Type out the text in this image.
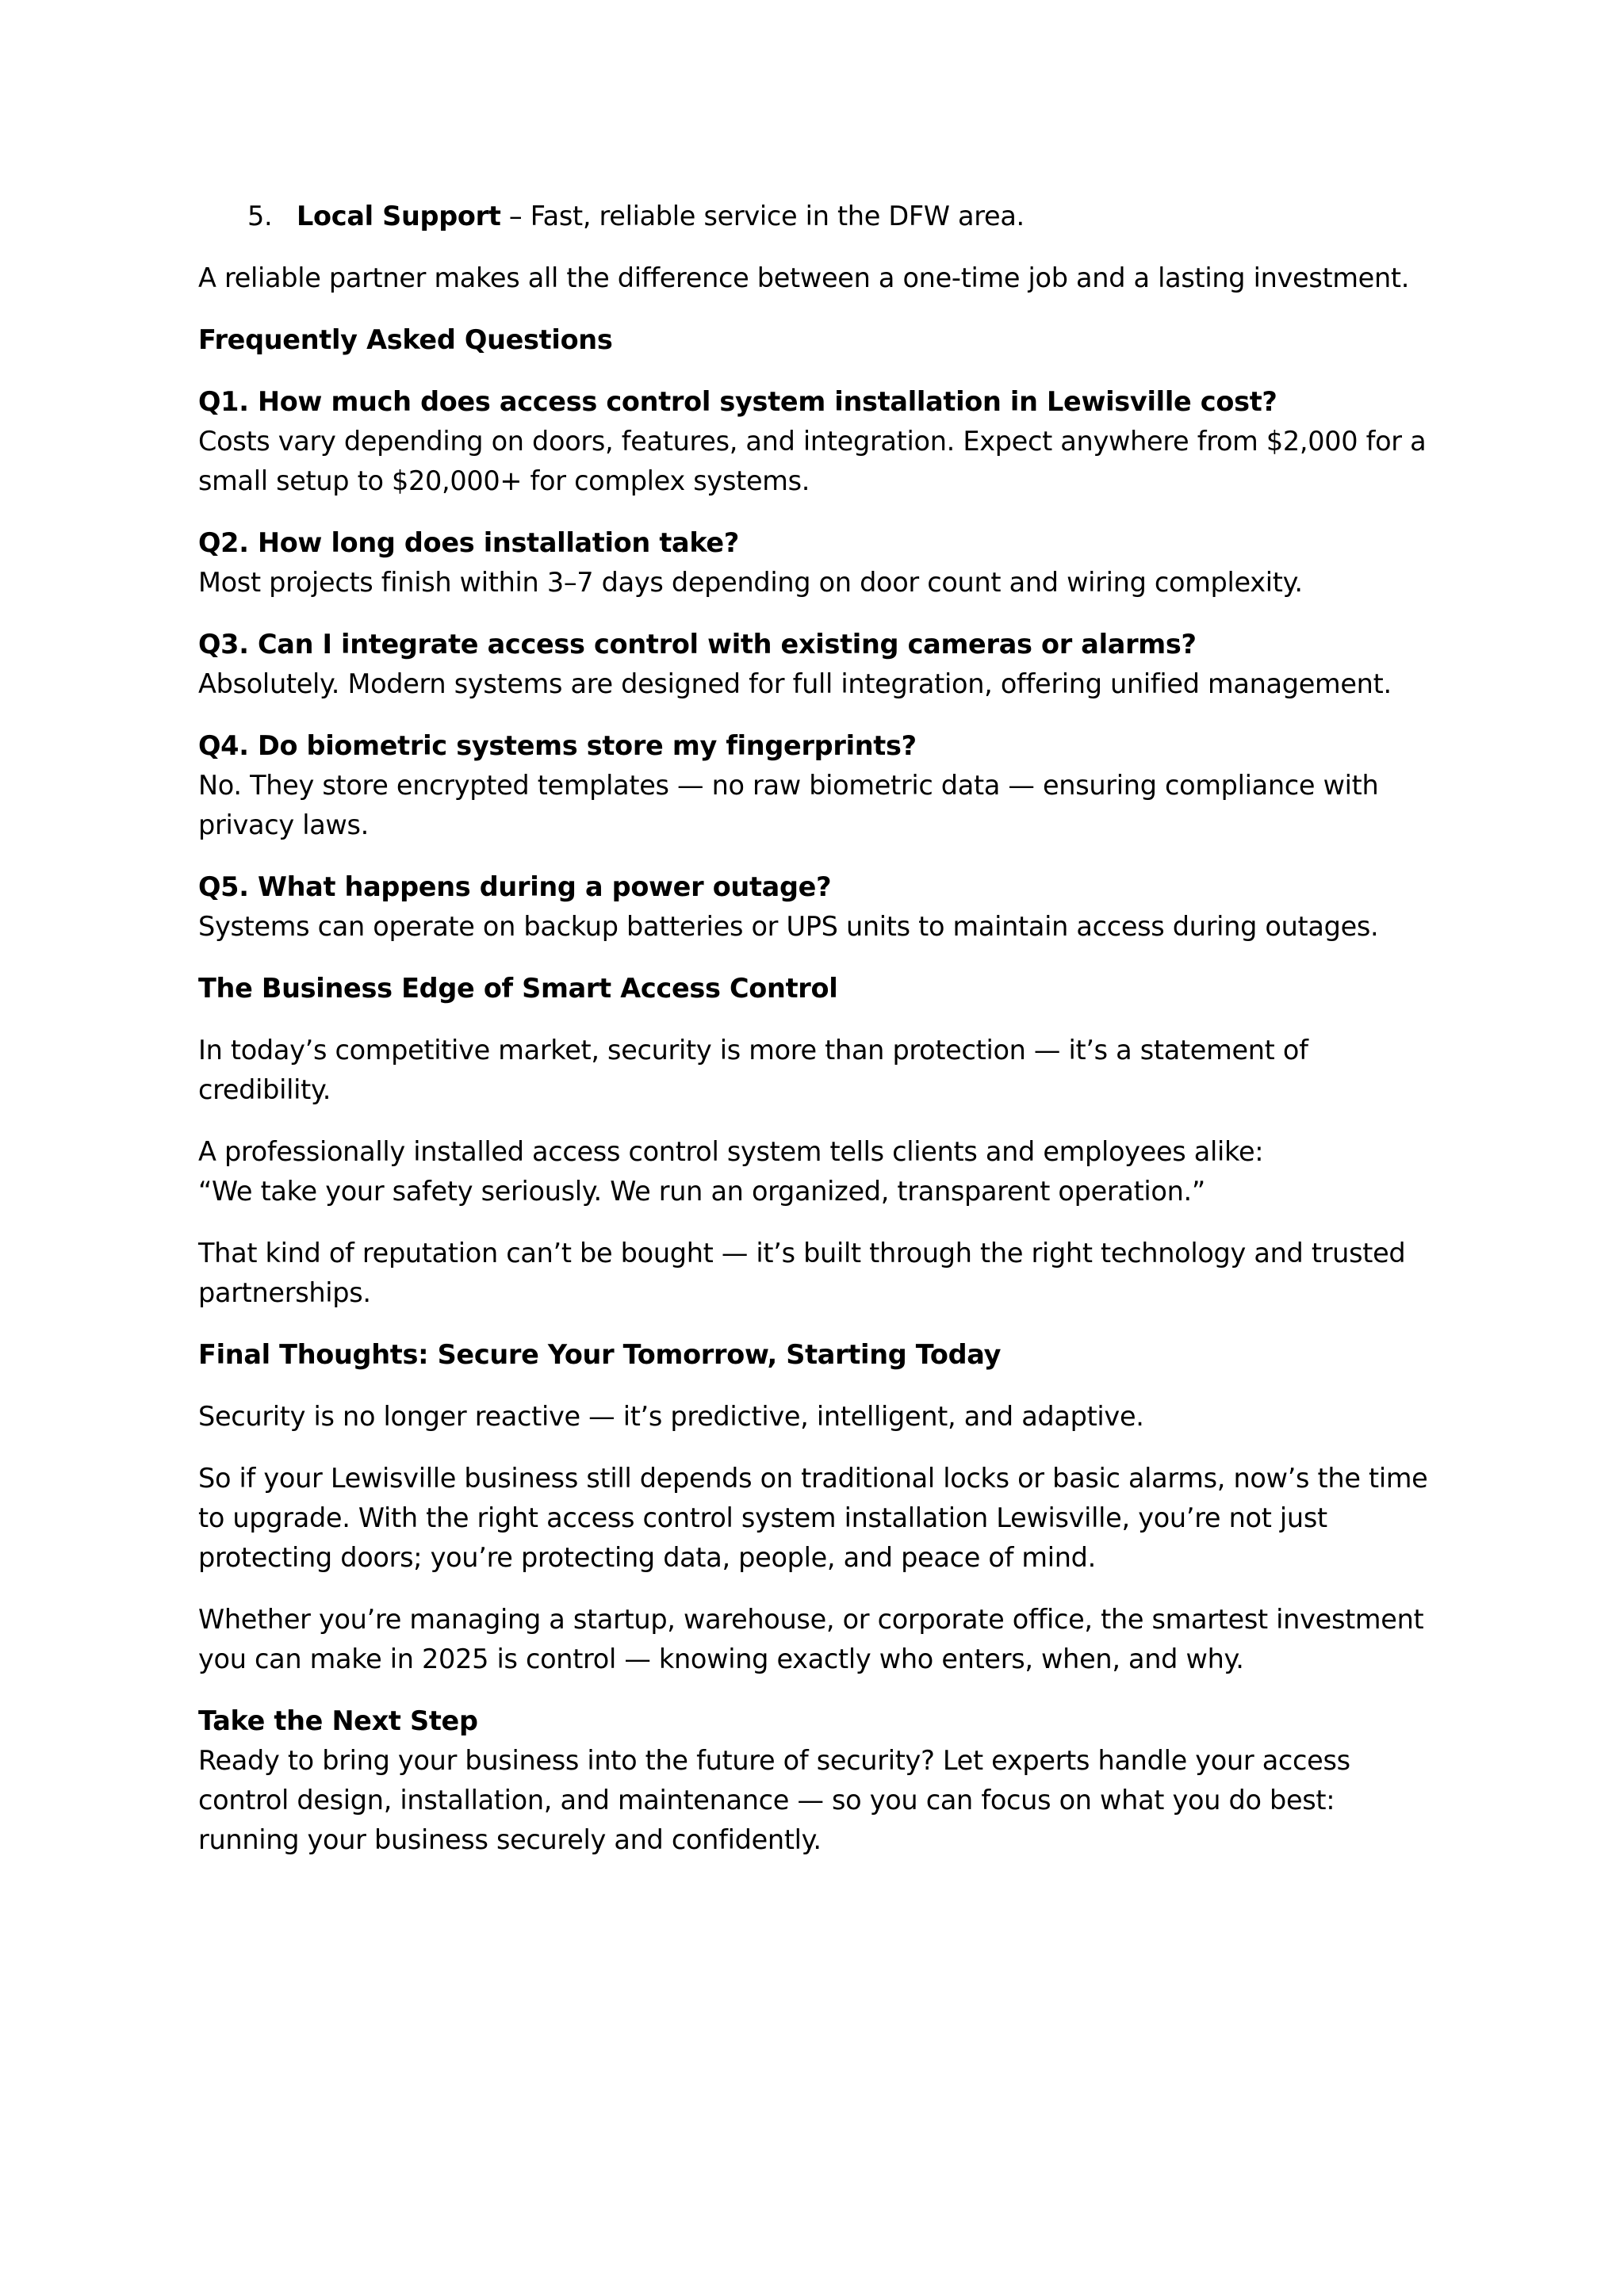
5. Local Support – Fast, reliable service in the DFW area.

A reliable partner makes all the difference between a one-time job and a lasting investment.

Frequently Asked Questions

Q1. How much does access control system installation in Lewisville cost?

Costs vary depending on doors, features, and integration. Expect anywhere from $2,000 for a small setup to $20,000+ for complex systems.

Q2. How long does installation take?

Most projects finish within 3–7 days depending on door count and wiring complexity.

Q3. Can I integrate access control with existing cameras or alarms?

Absolutely. Modern systems are designed for full integration, offering unified management.

Q4. Do biometric systems store my fingerprints?

No. They store encrypted templates — no raw biometric data — ensuring compliance with privacy laws.

Q5. What happens during a power outage?

Systems can operate on backup batteries or UPS units to maintain access during outages.

The Business Edge of Smart Access Control

In today’s competitive market, security is more than protection — it’s a statement of credibility.

A professionally installed access control system tells clients and employees alike:
“We take your safety seriously. We run an organized, transparent operation.”

That kind of reputation can’t be bought — it’s built through the right technology and trusted partnerships.

Final Thoughts: Secure Your Tomorrow, Starting Today

Security is no longer reactive — it’s predictive, intelligent, and adaptive.

So if your Lewisville business still depends on traditional locks or basic alarms, now’s the time to upgrade. With the right access control system installation Lewisville, you’re not just protecting doors; you’re protecting data, people, and peace of mind.

Whether you’re managing a startup, warehouse, or corporate office, the smartest investment you can make in 2025 is control — knowing exactly who enters, when, and why.

Take the Next Step

Ready to bring your business into the future of security? Let experts handle your access control design, installation, and maintenance — so you can focus on what you do best: running your business securely and confidently.
